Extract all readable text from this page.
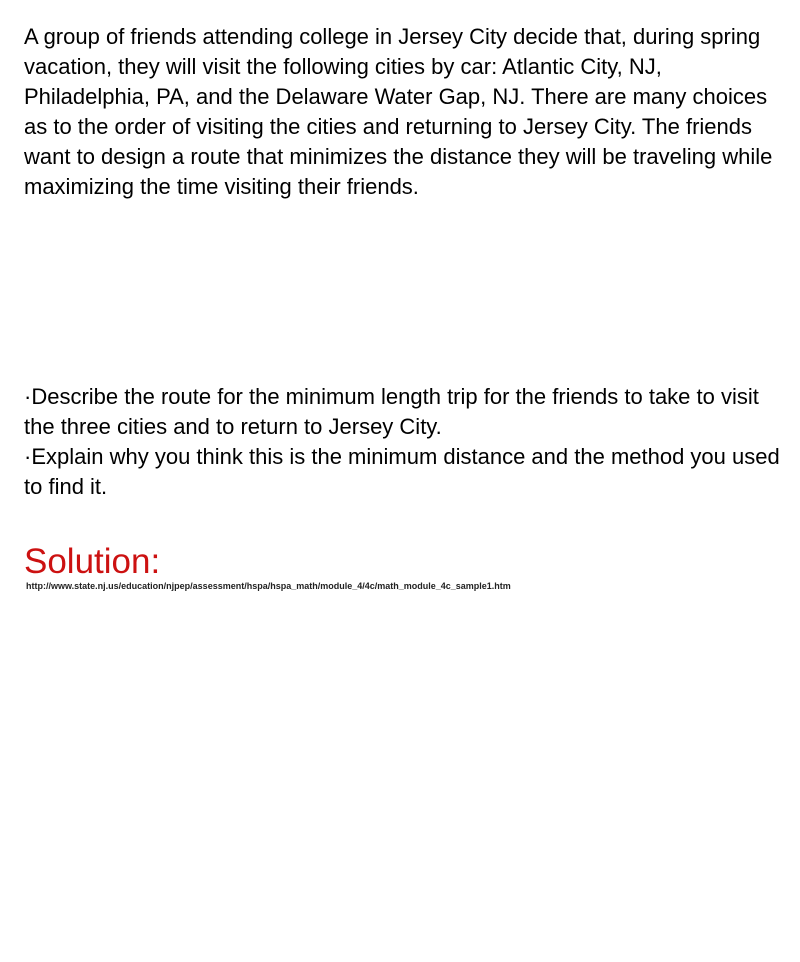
A group of friends attending college in Jersey City decide that, during spring vacation, they will visit the following cities by car: Atlantic City, NJ, Philadelphia, PA, and the Delaware Water Gap, NJ. There are many choices as to the order of visiting the cities and returning to Jersey City. The friends want to design a route that minimizes the distance they will be traveling while maximizing the time visiting their friends.

·Describe the route for the minimum length trip for the friends to take to visit the three cities and to return to Jersey City.
·Explain why you think this is the minimum distance and the method you used to find it.
Solution:
http://www.state.nj.us/education/njpep/assessment/hspa/hspa_math/module_4/4c/math_module_4c_sample1.htm
